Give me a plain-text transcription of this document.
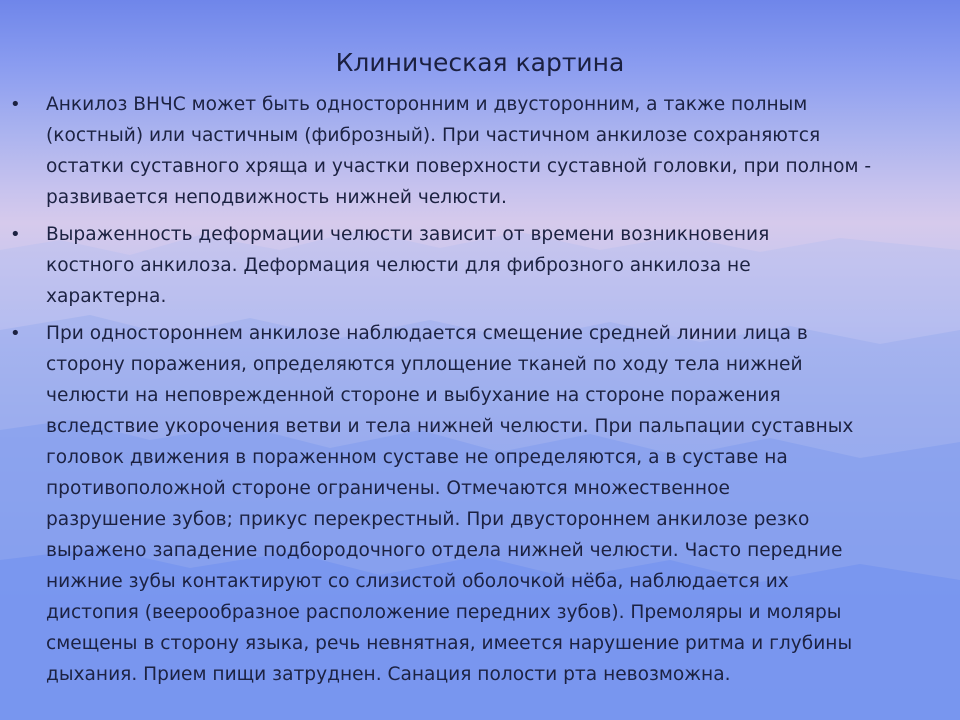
Клиническая картина
• Анкилоз ВНЧС может быть односторонним и двусторонним, а также полным
(костный) или частичным (фиброзный). При частичном анкилозе сохраняются
остатки суставного хряща и участки поверхности суставной головки, при полном -
развивается неподвижность нижней челюсти.
• Выраженность деформации челюсти зависит от времени возникновения
костного анкилоза. Деформация челюсти для фиброзного анкилоза не
характерна.
• При одностороннем анкилозе наблюдается смещение средней линии лица в
сторону поражения, определяются уплощение тканей по ходу тела нижней
челюсти на неповрежденной стороне и выбухание на стороне поражения
вследствие укорочения ветви и тела нижней челюсти. При пальпации суставных
головок движения в пораженном суставе не определяются, а в суставе на
противоположной стороне ограничены. Отмечаются множественное
разрушение зубов; прикус перекрестный. При двустороннем анкилозе резко
выражено западение подбородочного отдела нижней челюсти. Часто передние
нижние зубы контактируют со слизистой оболочкой нёба, наблюдается их
дистопия (веерообразное расположение передних зубов). Премоляры и моляры
смещены в сторону языка, речь невнятная, имеется нарушение ритма и глубины
дыхания. Прием пищи затруднен. Санация полости рта невозможна.
